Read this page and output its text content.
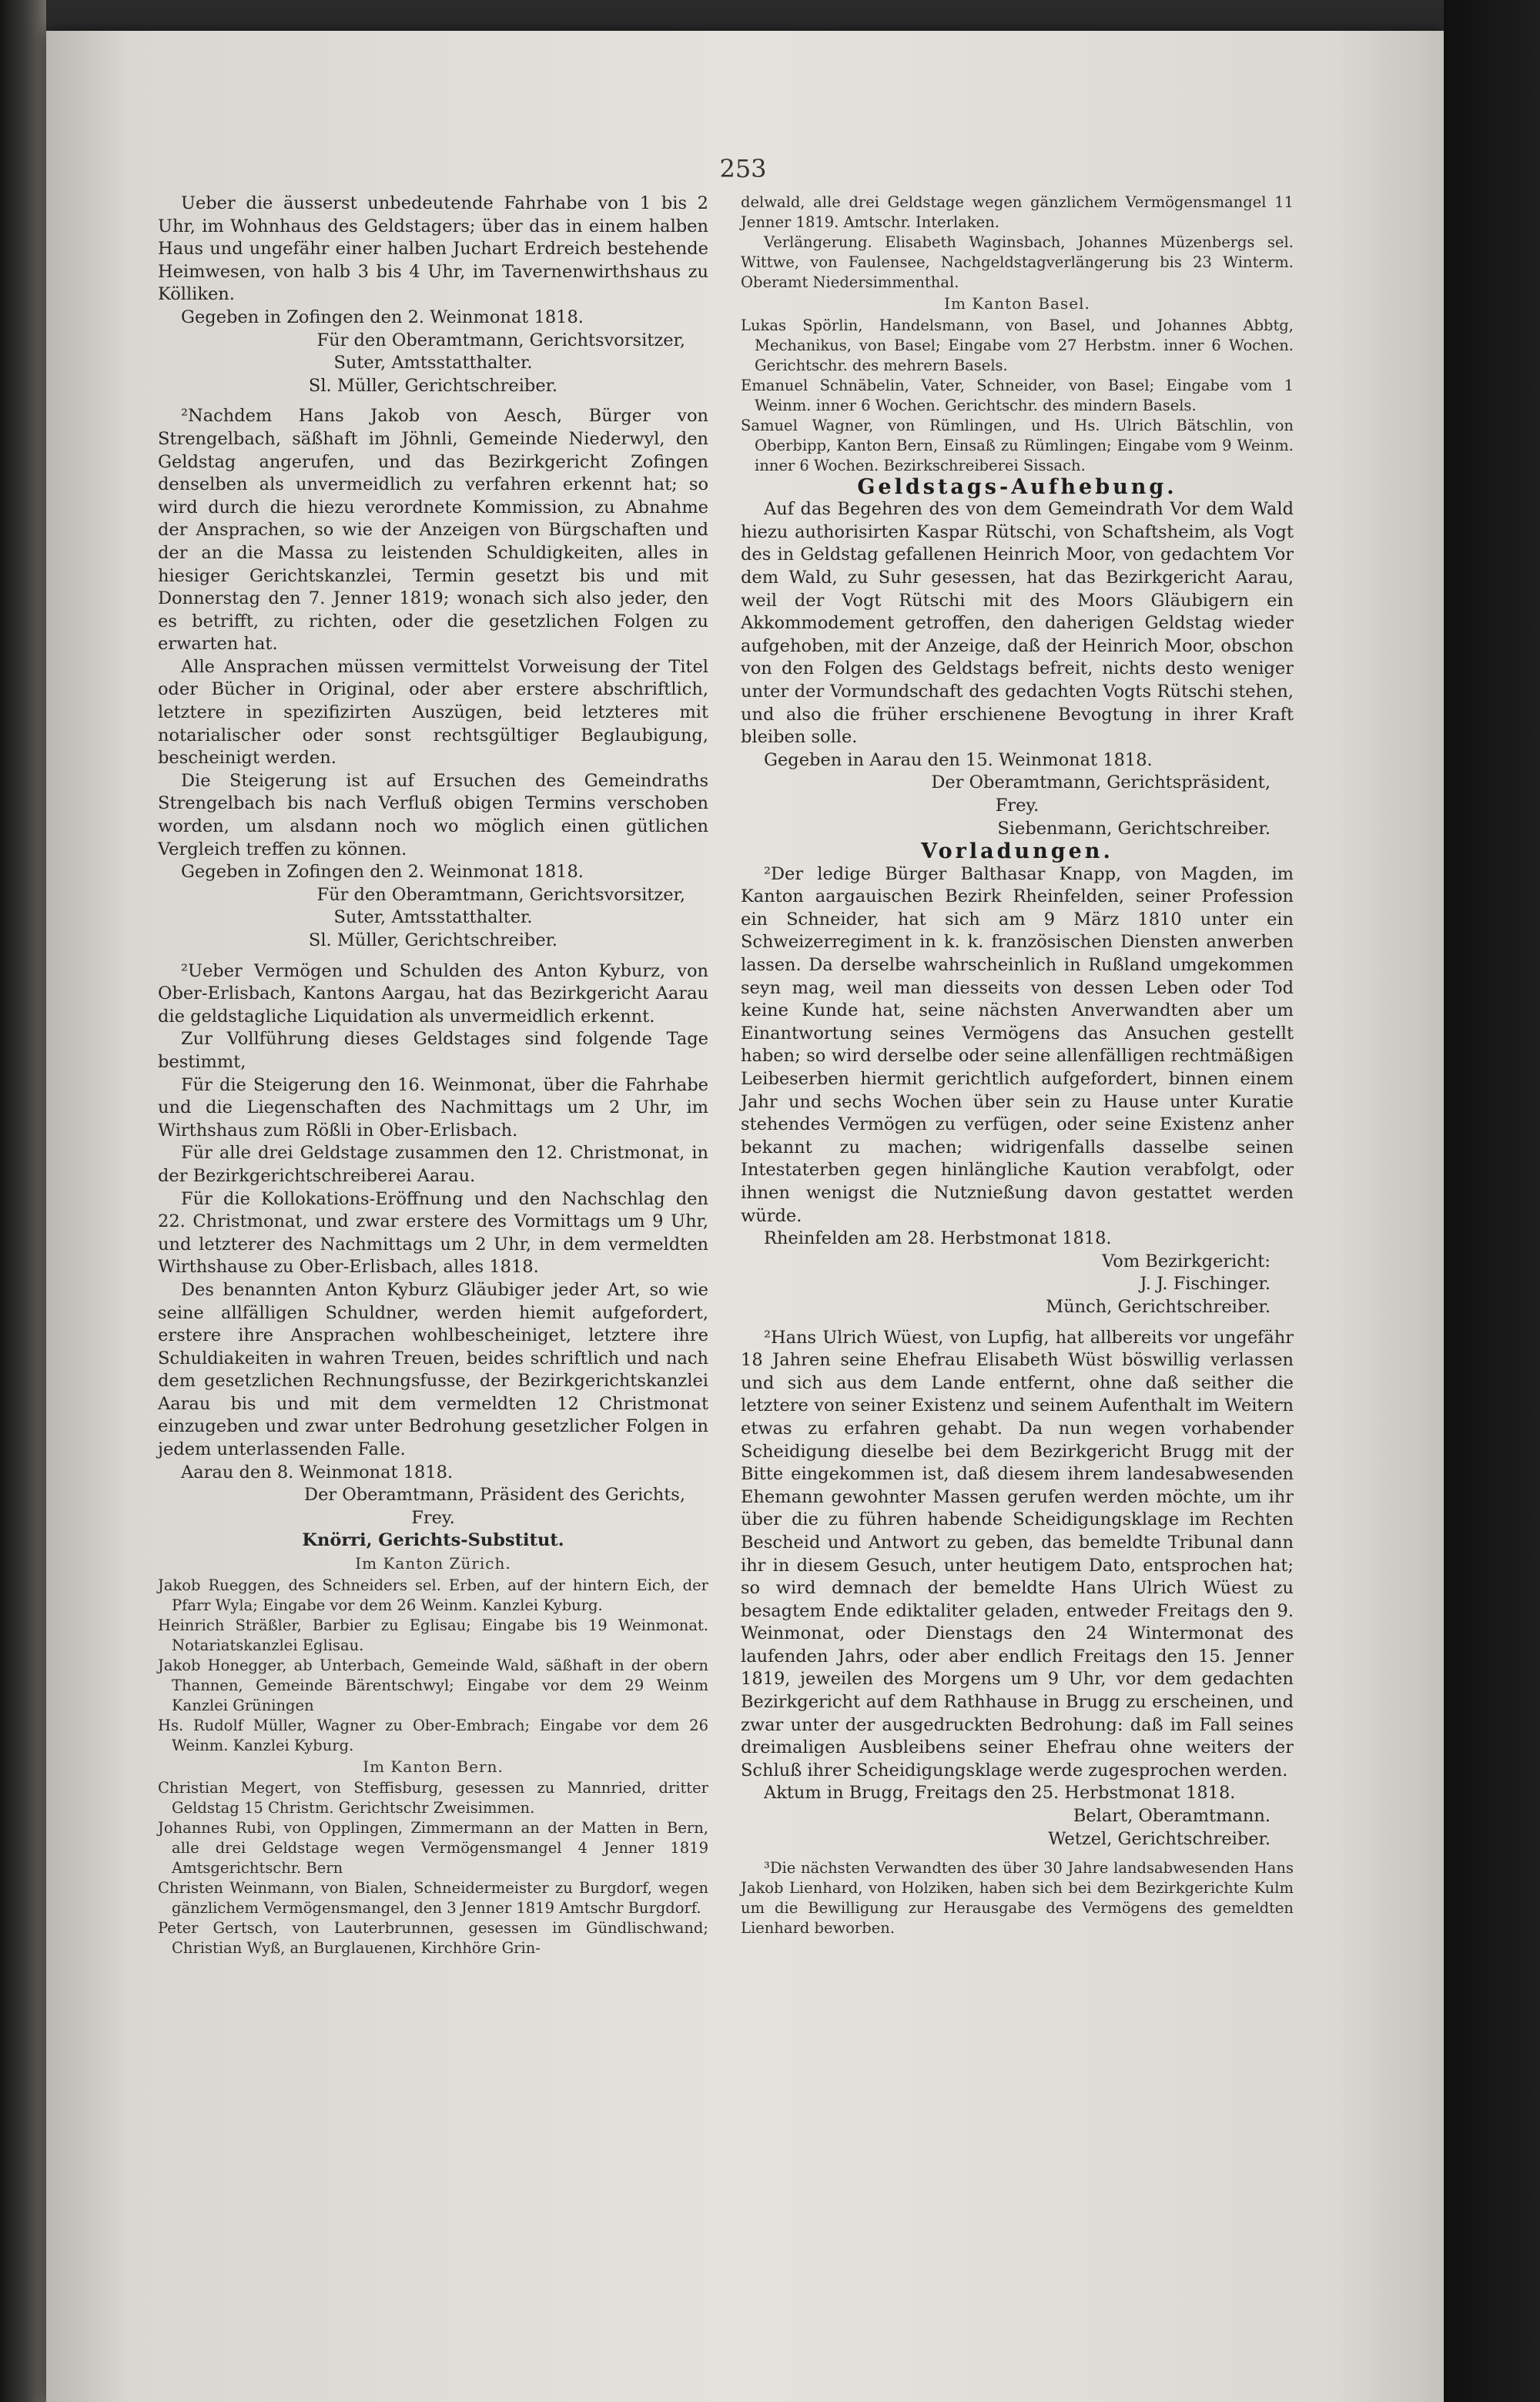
253

Ueber die äusserst unbedeutende Fahrhabe von 1 bis 2 Uhr, im Wohnhaus des Geldstagers; über das in einem halben Haus und ungefähr einer halben Juchart Erdreich bestehende Heimwesen, von halb 3 bis 4 Uhr, im Tavernenwirthshaus zu Kölliken.

Gegeben in Zofingen den 2. Weinmonat 1818.

Für den Oberamtmann, Gerichtsvorsitzer,

Suter, Amtsstatthalter.

Sl. Müller, Gerichtschreiber.

²Nachdem Hans Jakob von Aesch, Bürger von Strengelbach, säßhaft im Jöhnli, Gemeinde Niederwyl, den Geldstag angerufen, und das Bezirkgericht Zofingen denselben als unvermeidlich zu verfahren erkennt hat; so wird durch die hiezu verordnete Kommission, zu Abnahme der Ansprachen, so wie der Anzeigen von Bürgschaften und der an die Massa zu leistenden Schuldigkeiten, alles in hiesiger Gerichtskanzlei, Termin gesetzt bis und mit Donnerstag den 7. Jenner 1819; wonach sich also jeder, den es betrifft, zu richten, oder die gesetzlichen Folgen zu erwarten hat.

Alle Ansprachen müssen vermittelst Vorweisung der Titel oder Bücher in Original, oder aber erstere abschriftlich, letztere in spezifizirten Auszügen, beid letzteres mit notarialischer oder sonst rechtsgültiger Beglaubigung, bescheinigt werden.

Die Steigerung ist auf Ersuchen des Gemeindraths Strengelbach bis nach Verfluß obigen Termins verschoben worden, um alsdann noch wo möglich einen gütlichen Vergleich treffen zu können.

Gegeben in Zofingen den 2. Weinmonat 1818.

Für den Oberamtmann, Gerichtsvorsitzer,

Suter, Amtsstatthalter.

Sl. Müller, Gerichtschreiber.

²Ueber Vermögen und Schulden des Anton Kyburz, von Ober-Erlisbach, Kantons Aargau, hat das Bezirkgericht Aarau die geldstagliche Liquidation als unvermeidlich erkennt.

Zur Vollführung dieses Geldstages sind folgende Tage bestimmt,

Für die Steigerung den 16. Weinmonat, über die Fahrhabe und die Liegenschaften des Nachmittags um 2 Uhr, im Wirthshaus zum Rößli in Ober-Erlisbach.

Für alle drei Geldstage zusammen den 12. Christmonat, in der Bezirkgerichtschreiberei Aarau.

Für die Kollokations-Eröffnung und den Nachschlag den 22. Christmonat, und zwar erstere des Vormittags um 9 Uhr, und letzterer des Nachmittags um 2 Uhr, in dem vermeldten Wirthshause zu Ober-Erlisbach, alles 1818.

Des benannten Anton Kyburz Gläubiger jeder Art, so wie seine allfälligen Schuldner, werden hiemit aufgefordert, erstere ihre Ansprachen wohlbescheiniget, letztere ihre Schuldiakeiten in wahren Treuen, beides schriftlich und nach dem gesetzlichen Rechnungsfusse, der Bezirkgerichtskanzlei Aarau bis und mit dem vermeldten 12 Christmonat einzugeben und zwar unter Bedrohung gesetzlicher Folgen in jedem unterlassenden Falle.

Aarau den 8. Weinmonat 1818.

Der Oberamtmann, Präsident des Gerichts,

Frey.

Knörri, Gerichts-Substitut.

Im Kanton Zürich.

Jakob Rueggen, des Schneiders sel. Erben, auf der hintern Eich, der Pfarr Wyla; Eingabe vor dem 26 Weinm. Kanzlei Kyburg.

Heinrich Sträßler, Barbier zu Eglisau; Eingabe bis 19 Weinmonat. Notariatskanzlei Eglisau.

Jakob Honegger, ab Unterbach, Gemeinde Wald, säßhaft in der obern Thannen, Gemeinde Bärentschwyl; Eingabe vor dem 29 Weinm Kanzlei Grüningen

Hs. Rudolf Müller, Wagner zu Ober-Embrach; Eingabe vor dem 26 Weinm. Kanzlei Kyburg.

Im Kanton Bern.

Christian Megert, von Steffisburg, gesessen zu Mannried, dritter Geldstag 15 Christm. Gerichtschr Zweisimmen.

Johannes Rubi, von Opplingen, Zimmermann an der Matten in Bern, alle drei Geldstage wegen Vermögensmangel 4 Jenner 1819 Amtsgerichtschr. Bern

Christen Weinmann, von Bialen, Schneidermeister zu Burgdorf, wegen gänzlichem Vermögensmangel, den 3 Jenner 1819 Amtschr Burgdorf.

Peter Gertsch, von Lauterbrunnen, gesessen im Gündlischwand; Christian Wyß, an Burglauenen, Kirchhöre Grin-

delwald, alle drei Geldstage wegen gänzlichem Vermögensmangel 11 Jenner 1819. Amtschr. Interlaken.

Verlängerung. Elisabeth Waginsbach, Johannes Müzenbergs sel. Wittwe, von Faulensee, Nachgeldstagverlängerung bis 23 Winterm. Oberamt Niedersimmenthal.

Im Kanton Basel.

Lukas Spörlin, Handelsmann, von Basel, und Johannes Abbtg, Mechanikus, von Basel; Eingabe vom 27 Herbstm. inner 6 Wochen. Gerichtschr. des mehrern Basels.

Emanuel Schnäbelin, Vater, Schneider, von Basel; Eingabe vom 1 Weinm. inner 6 Wochen. Gerichtschr. des mindern Basels.

Samuel Wagner, von Rümlingen, und Hs. Ulrich Bätschlin, von Oberbipp, Kanton Bern, Einsaß zu Rümlingen; Eingabe vom 9 Weinm. inner 6 Wochen. Bezirkschreiberei Sissach.

Geldstags-Aufhebung.

Auf das Begehren des von dem Gemeindrath Vor dem Wald hiezu authorisirten Kaspar Rütschi, von Schaftsheim, als Vogt des in Geldstag gefallenen Heinrich Moor, von gedachtem Vor dem Wald, zu Suhr gesessen, hat das Bezirkgericht Aarau, weil der Vogt Rütschi mit des Moors Gläubigern ein Akkommodement getroffen, den daherigen Geldstag wieder aufgehoben, mit der Anzeige, daß der Heinrich Moor, obschon von den Folgen des Geldstags befreit, nichts desto weniger unter der Vormundschaft des gedachten Vogts Rütschi stehen, und also die früher erschienene Bevogtung in ihrer Kraft bleiben solle.

Gegeben in Aarau den 15. Weinmonat 1818.

Der Oberamtmann, Gerichtspräsident,

Frey.

Siebenmann, Gerichtschreiber.

Vorladungen.

²Der ledige Bürger Balthasar Knapp, von Magden, im Kanton aargauischen Bezirk Rheinfelden, seiner Profession ein Schneider, hat sich am 9 März 1810 unter ein Schweizerregiment in k. k. französischen Diensten anwerben lassen. Da derselbe wahrscheinlich in Rußland umgekommen seyn mag, weil man diesseits von dessen Leben oder Tod keine Kunde hat, seine nächsten Anverwandten aber um Einantwortung seines Vermögens das Ansuchen gestellt haben; so wird derselbe oder seine allenfälligen rechtmäßigen Leibeserben hiermit gerichtlich aufgefordert, binnen einem Jahr und sechs Wochen über sein zu Hause unter Kuratie stehendes Vermögen zu verfügen, oder seine Existenz anher bekannt zu machen; widrigenfalls dasselbe seinen Intestaterben gegen hinlängliche Kaution verabfolgt, oder ihnen wenigst die Nutznießung davon gestattet werden würde.

Rheinfelden am 28. Herbstmonat 1818.

Vom Bezirkgericht:

J. J. Fischinger.

Münch, Gerichtschreiber.

²Hans Ulrich Wüest, von Lupfig, hat allbereits vor ungefähr 18 Jahren seine Ehefrau Elisabeth Wüst böswillig verlassen und sich aus dem Lande entfernt, ohne daß seither die letztere von seiner Existenz und seinem Aufenthalt im Weitern etwas zu erfahren gehabt. Da nun wegen vorhabender Scheidigung dieselbe bei dem Bezirkgericht Brugg mit der Bitte eingekommen ist, daß diesem ihrem landesabwesenden Ehemann gewohnter Massen gerufen werden möchte, um ihr über die zu führen habende Scheidigungsklage im Rechten Bescheid und Antwort zu geben, das bemeldte Tribunal dann ihr in diesem Gesuch, unter heutigem Dato, entsprochen hat; so wird demnach der bemeldte Hans Ulrich Wüest zu besagtem Ende ediktaliter geladen, entweder Freitags den 9. Weinmonat, oder Dienstags den 24 Wintermonat des laufenden Jahrs, oder aber endlich Freitags den 15. Jenner 1819, jeweilen des Morgens um 9 Uhr, vor dem gedachten Bezirkgericht auf dem Rathhause in Brugg zu erscheinen, und zwar unter der ausgedruckten Bedrohung: daß im Fall seines dreimaligen Ausbleibens seiner Ehefrau ohne weiters der Schluß ihrer Scheidigungsklage werde zugesprochen werden.

Aktum in Brugg, Freitags den 25. Herbstmonat 1818.

Belart, Oberamtmann.

Wetzel, Gerichtschreiber.

³Die nächsten Verwandten des über 30 Jahre landsabwesenden Hans Jakob Lienhard, von Holziken, haben sich bei dem Bezirkgerichte Kulm um die Bewilligung zur Herausgabe des Vermögens des gemeldten Lienhard beworben.
